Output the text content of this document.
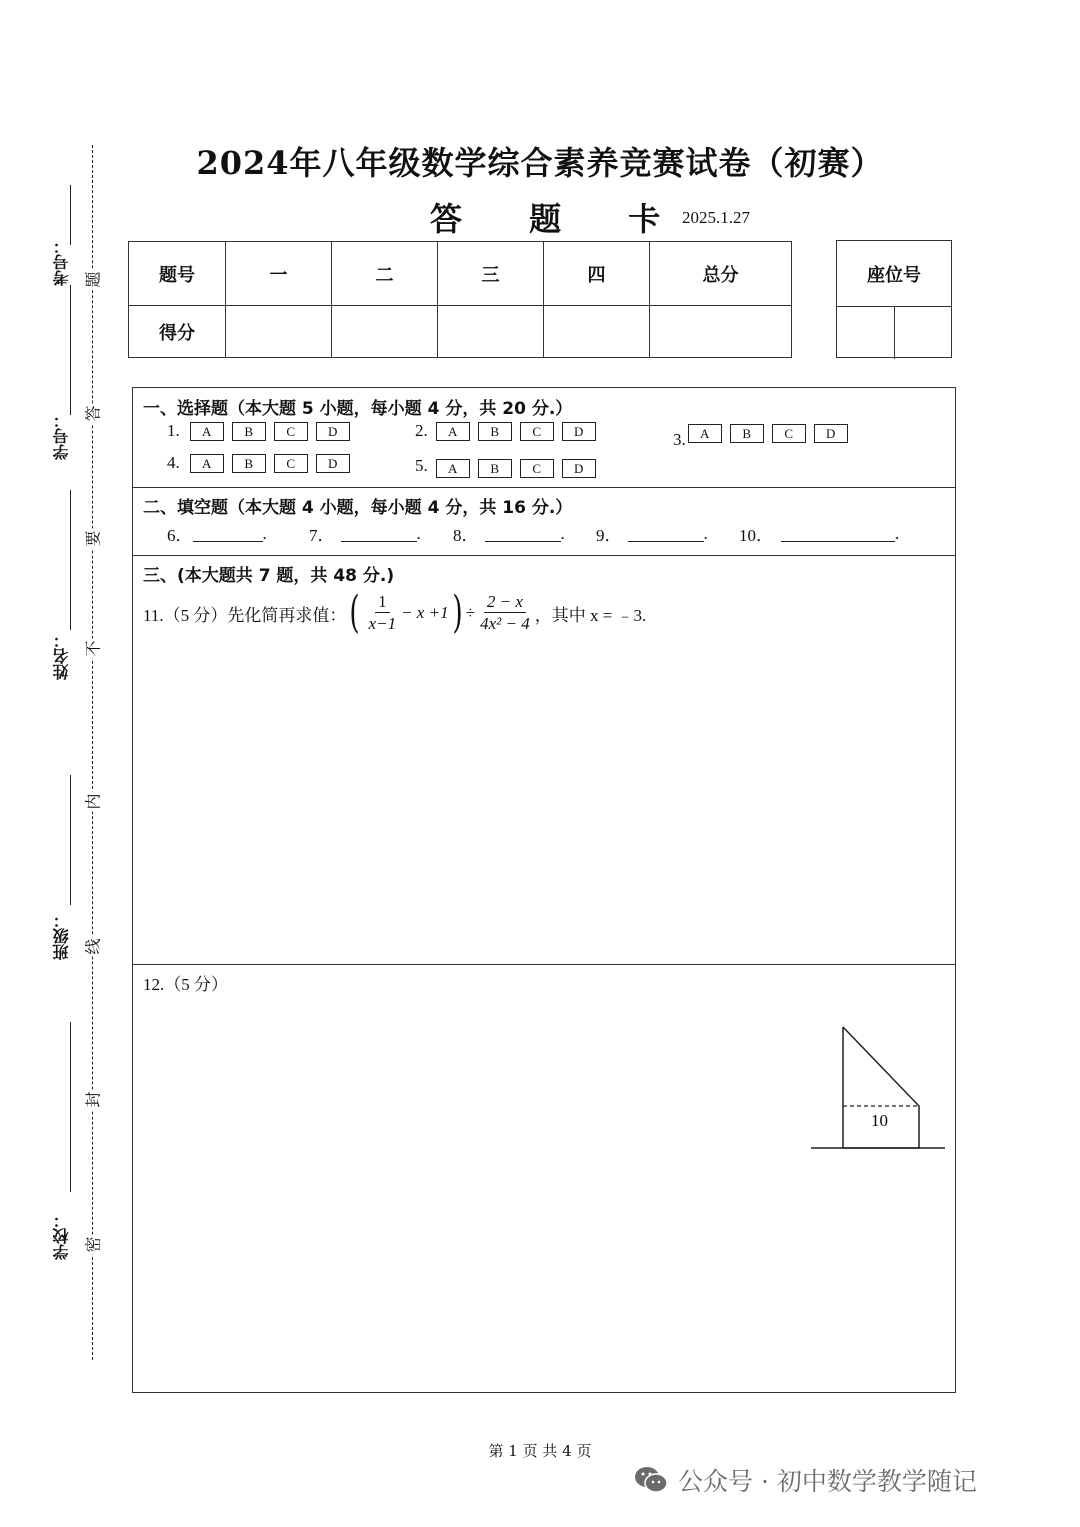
考号：
学号：
姓名：
班级：
学校：
题
答
要
不
内
线
封
密
2024年八年级数学综合素养竞赛试卷（初赛）
答 题 卡
2025.1.27
题号	一	二	三	四	总分
得分					
座位号
一、选择题（本大题 5 小题，每小题 4 分，共 20 分.）
1.	A	B	C	D	2.	A	B	C	D	3.	A	B	C	D
4.	A	B	C	D	5.	A	B	C	D
二、填空题（本大题 4 小题，每小题 4 分，共 16 分.）
6．	. 7．	. 8．	. 9．	. 10．	.
三、(本大题共 7 题，共 48 分.)
11.（5 分）先化简再求值： ( $\frac{1}{x-1} - x +1$ ) ÷ $\frac{2 - x}{\text{4x² − 4}}$ ，其中 x = ﹣3.
12.（5 分）
10
第 1 页 共 4 页
公众号 · 初中数学教学随记
